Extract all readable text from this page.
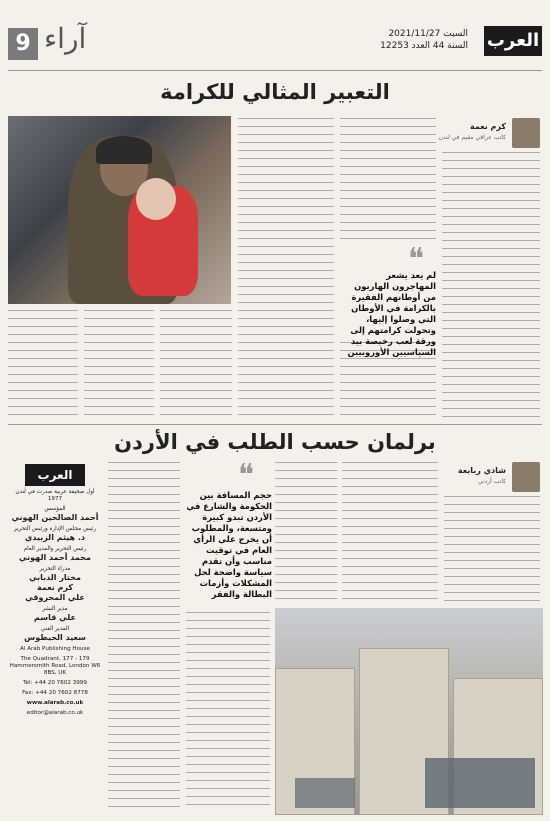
9 آراء	السبت 2021/11/27
السنة 44 العدد 12253 العرب
التعبير المثالي للكرامة
كرم نعمة
كاتب عراقي مقيم في لندن
❝
لم يعد يشعر المهاجرون الهاربون من أوطانهم الفقيرة بالكرامة في الأوطان التي وصلوا إليها، وتحولت كرامتهم إلى ورقة لعب رخيصة بيد السياسيين الأوروبيين
برلمان حسب الطلب في الأردن
شادي ربابعة
كاتب أردني
❝
حجم المسافة بين الحكومة والشارع في الأردن تبدو كبيرة ومتسعة، والمطلوب أن يخرج علي الرأي العام في توقيت مناسب وأن تقدم سياسة واضحة لحل المشكلات وأزمات البطالة والفقر
العرب
أول صحيفة عربية صدرت في لندن 1977
المؤسس
أحمد الصالحين الهوني
رئيس مجلس الإدارة ورئيس التحرير
د. هيثم الزبيدي
رئيس التحرير والمدير العام
محمد أحمد الهوني
مدراء التحرير
مختار الدبابي
كرم نعمة
علي المحروقي
مدير النشر
علي قاسم
المدير الفني
سعيد الحيطوس
Al Arab Publishing House
The Quadrant, 177 - 179 Hammersmith Road, London W6 8BS, UK
Tel: +44 20 7602 3999
Fax: +44 20 7602 8778
www.alarab.co.uk
editor@alarab.co.uk
